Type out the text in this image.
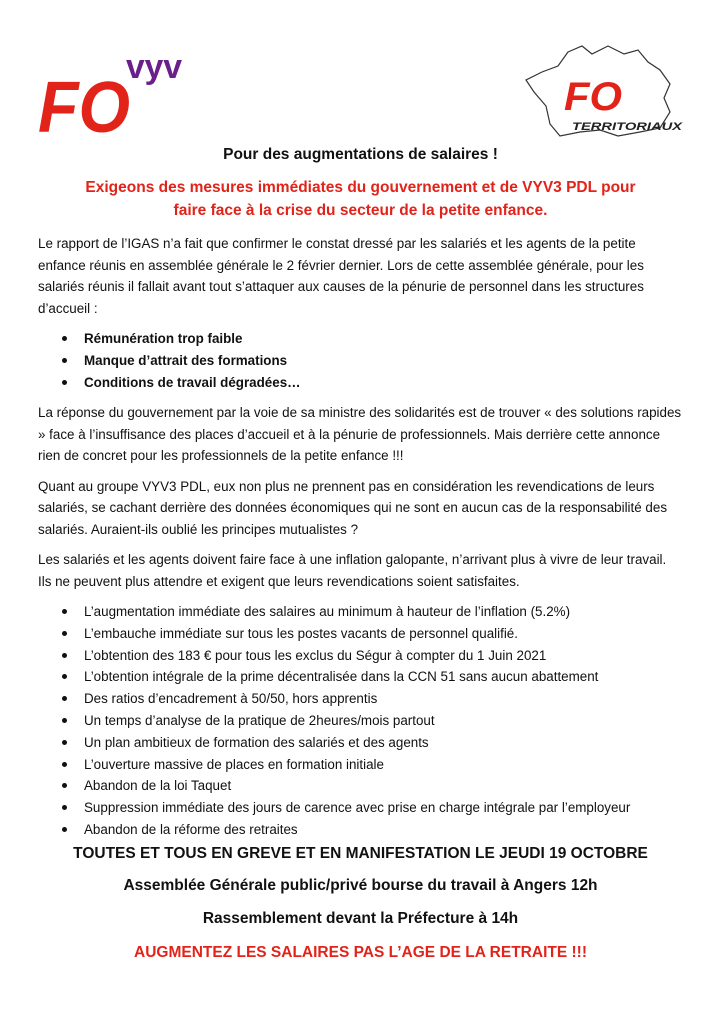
FO
vyv
FO
TERRITORIAUX
Pour des augmentations de salaires !
Exigeons des mesures immédiates du gouvernement et de VYV3 PDL pour
faire face à la crise du secteur de la petite enfance.

Le rapport de l’IGAS n’a fait que confirmer le constat dressé par les salariés et les agents de la petite enfance réunis en assemblée générale le 2 février dernier. Lors de cette assemblée générale, pour les salariés réunis il fallait avant tout s’attaquer aux causes de la pénurie de personnel dans les structures d’accueil :

Rémunération trop faible
Manque d’attrait des formations
Conditions de travail dégradées…

La réponse du gouvernement par la voie de sa ministre des solidarités est de trouver « des solutions rapides » face à l’insuffisance des places d’accueil et à la pénurie de professionnels. Mais derrière cette annonce rien de concret pour les professionnels de la petite enfance !!!

Quant au groupe VYV3 PDL, eux non plus ne prennent pas en considération les revendications de leurs salariés, se cachant derrière des données économiques qui ne sont en aucun cas de la responsabilité des salariés. Auraient-ils oublié les principes mutualistes ?

Les salariés et les agents doivent faire face à une inflation galopante, n’arrivant plus à vivre de leur travail. Ils ne peuvent plus attendre et exigent que leurs revendications soient satisfaites.

L’augmentation immédiate des salaires au minimum à hauteur de l’inflation (5.2%)
L’embauche immédiate sur tous les postes vacants de personnel qualifié.
L’obtention des 183 € pour tous les exclus du Ségur à compter du 1 Juin 2021
L’obtention intégrale de la prime décentralisée dans la CCN 51 sans aucun abattement
Des ratios d’encadrement à 50/50, hors apprentis
Un temps d’analyse de la pratique de 2heures/mois partout
Un plan ambitieux de formation des salariés et des agents
L’ouverture massive de places en formation initiale
Abandon de la loi Taquet
Suppression immédiate des jours de carence avec prise en charge intégrale par l’employeur
Abandon de la réforme des retraites
TOUTES ET TOUS EN GREVE ET EN MANIFESTATION LE JEUDI 19 OCTOBRE
Assemblée Générale public/privé bourse du travail à Angers 12h
Rassemblement devant la Préfecture à 14h
AUGMENTEZ LES SALAIRES PAS L’AGE DE LA RETRAITE !!!
